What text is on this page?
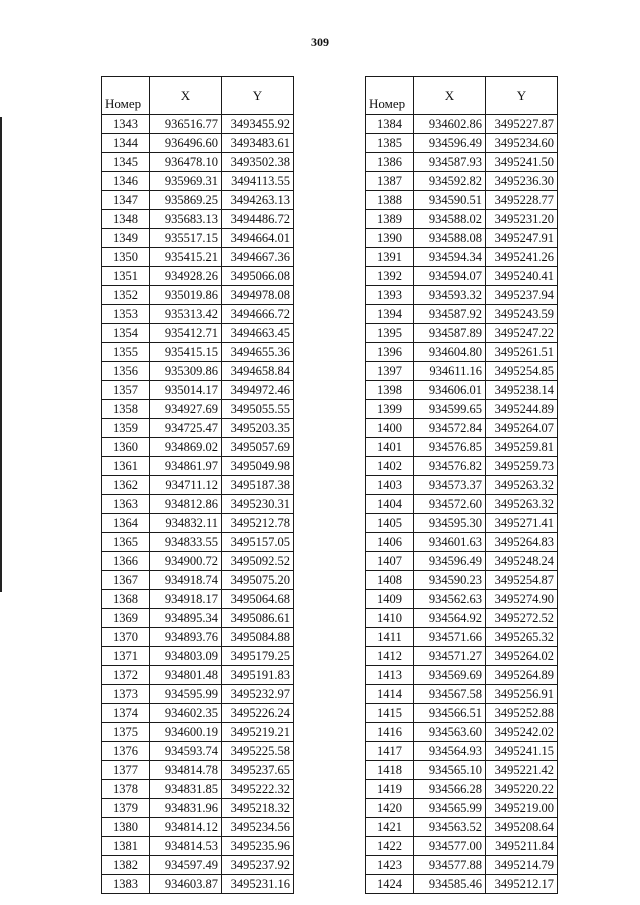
309
Номер	X	Y
1343	936516.77	3493455.92
1344	936496.60	3493483.61
1345	936478.10	3493502.38
1346	935969.31	3494113.55
1347	935869.25	3494263.13
1348	935683.13	3494486.72
1349	935517.15	3494664.01
1350	935415.21	3494667.36
1351	934928.26	3495066.08
1352	935019.86	3494978.08
1353	935313.42	3494666.72
1354	935412.71	3494663.45
1355	935415.15	3494655.36
1356	935309.86	3494658.84
1357	935014.17	3494972.46
1358	934927.69	3495055.55
1359	934725.47	3495203.35
1360	934869.02	3495057.69
1361	934861.97	3495049.98
1362	934711.12	3495187.38
1363	934812.86	3495230.31
1364	934832.11	3495212.78
1365	934833.55	3495157.05
1366	934900.72	3495092.52
1367	934918.74	3495075.20
1368	934918.17	3495064.68
1369	934895.34	3495086.61
1370	934893.76	3495084.88
1371	934803.09	3495179.25
1372	934801.48	3495191.83
1373	934595.99	3495232.97
1374	934602.35	3495226.24
1375	934600.19	3495219.21
1376	934593.74	3495225.58
1377	934814.78	3495237.65
1378	934831.85	3495222.32
1379	934831.96	3495218.32
1380	934814.12	3495234.56
1381	934814.53	3495235.96
1382	934597.49	3495237.92
1383	934603.87	3495231.16
Номер	X	Y
1384	934602.86	3495227.87
1385	934596.49	3495234.60
1386	934587.93	3495241.50
1387	934592.82	3495236.30
1388	934590.51	3495228.77
1389	934588.02	3495231.20
1390	934588.08	3495247.91
1391	934594.34	3495241.26
1392	934594.07	3495240.41
1393	934593.32	3495237.94
1394	934587.92	3495243.59
1395	934587.89	3495247.22
1396	934604.80	3495261.51
1397	934611.16	3495254.85
1398	934606.01	3495238.14
1399	934599.65	3495244.89
1400	934572.84	3495264.07
1401	934576.85	3495259.81
1402	934576.82	3495259.73
1403	934573.37	3495263.32
1404	934572.60	3495263.32
1405	934595.30	3495271.41
1406	934601.63	3495264.83
1407	934596.49	3495248.24
1408	934590.23	3495254.87
1409	934562.63	3495274.90
1410	934564.92	3495272.52
1411	934571.66	3495265.32
1412	934571.27	3495264.02
1413	934569.69	3495264.89
1414	934567.58	3495256.91
1415	934566.51	3495252.88
1416	934563.60	3495242.02
1417	934564.93	3495241.15
1418	934565.10	3495221.42
1419	934566.28	3495220.22
1420	934565.99	3495219.00
1421	934563.52	3495208.64
1422	934577.00	3495211.84
1423	934577.88	3495214.79
1424	934585.46	3495212.17
